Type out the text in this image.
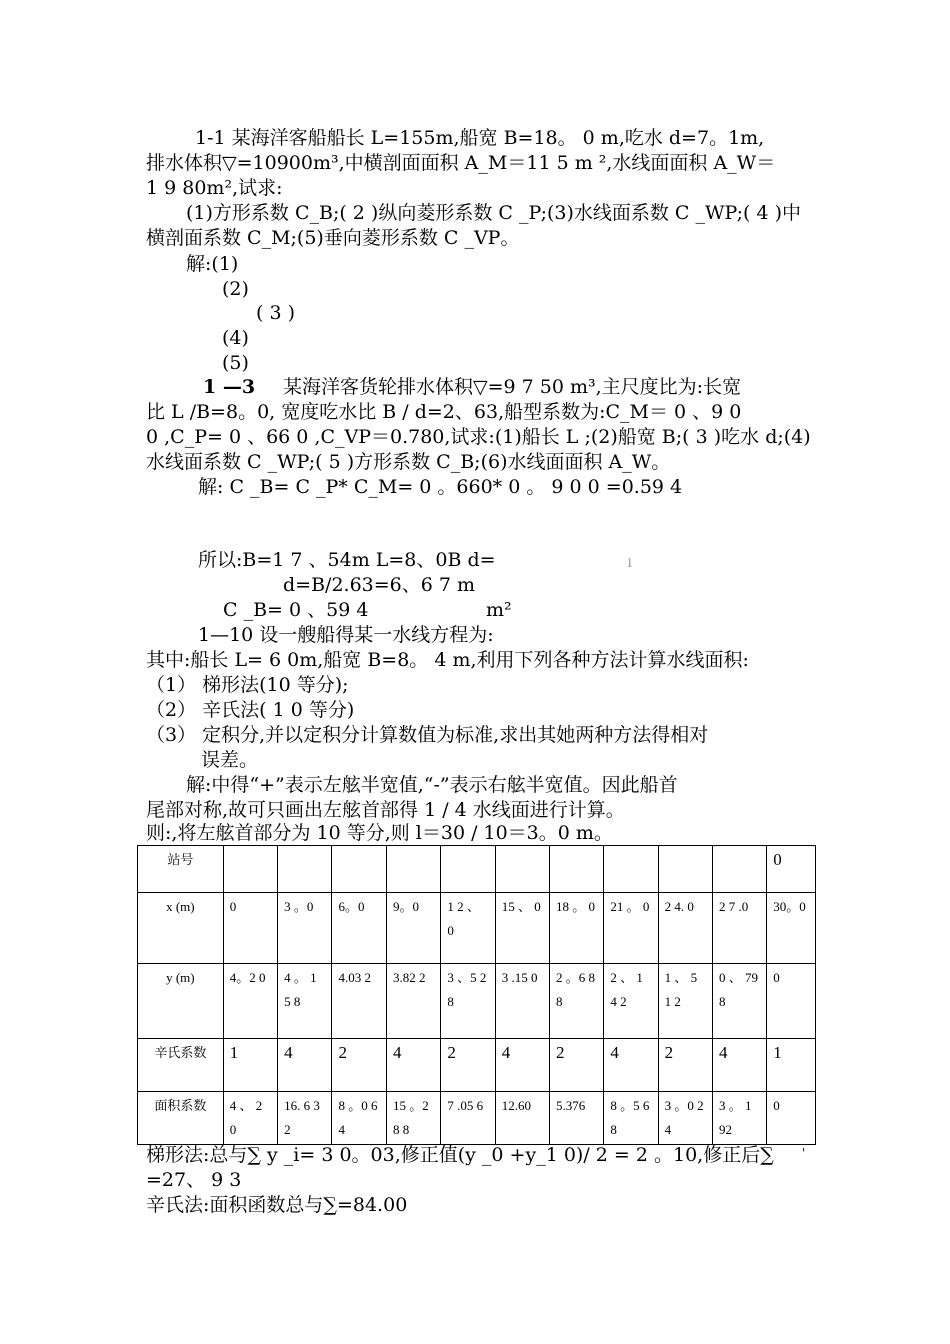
1‐1 某海洋客船船长 L=155m,船宽 B=18。 0 m,吃水 d=7。1m,
排水体积▽=10900m³,中横剖面面积 A_M＝11 5 m ²,水线面面积 A_W＝
1 9 80m²,试求:
(1)方形系数 C_B;( 2 )纵向菱形系数 C _P;(3)水线面系数 C _WP;( 4 )中
横剖面系数 C_M;(5)垂向菱形系数 C _VP。
解:(1)
(2)
( 3 )
(4)
(5)
1 —3 某海洋客货轮排水体积▽=9 7 50 m³,主尺度比为:长宽
比 L /B=8。0, 宽度吃水比 B / d=2、63,船型系数为:C_M＝ 0 、9 0
0 ,C_P= 0 、66 0 ,C_VP＝0.780,试求:(1)船长 L ;(2)船宽 B;( 3 )吃水 d;(4)
水线面系数 C _WP;( 5 )方形系数 C_B;(6)水线面面积 A_W。
解: C _B= C _P* C_M= 0 。660* 0 。 9 0 0 =0.59 4
所以:B=1 7 、54m L=8、0B d=	l
d=B/2.63=6、6 7 m
C _B= 0 、59 4	m²
1—10 设一艘船得某一水线方程为:
其中:船长 L= 6 0m,船宽 B=8。 4 m,利用下列各种方法计算水线面积:
（1） 梯形法(10 等分);
（2） 辛氏法( 1 0 等分)
（3） 定积分,并以定积分计算数值为标准,求出其她两种方法得相对
误差。
解:中得“+”表示左舷半宽值,“-”表示右舷半宽值。因此船首
尾部对称,故可只画出左舷首部得 1 / 4 水线面进行计算。
则:,将左舷首部分为 10 等分,则 l＝30 / 10＝3。0 m。
站号											0
x (m)	0	3 。0	6。0	9。0	1 2 、 0	15 、 0	18 。 0	21 。 0	2 4. 0	2 7 .0	30。0
y (m)	4。2 0	4 。 1 5 8	4.03 2	3.82 2	3 、5 28	3 .15 0	2 。6 88	2 、 1 4 2	1 、 5 1 2	0 、 79 8	0
辛氏系数	1	4	2	4	2	4	2	4	2	4	1
面积系数	4 、 2 0	16. 6 3 2	8 。0 6 4	15 。2 8 8	7 .05 6	12.60	5.376	8 。5 68	3 。0 2 4	3 。 1 92	0
梯形法:总与∑ y _i= 3 0。03,修正值(y _0 +y_1 0)/ 2 = 2 。10,修正后∑ '
=27、 9 3
辛氏法:面积函数总与∑=84.00
